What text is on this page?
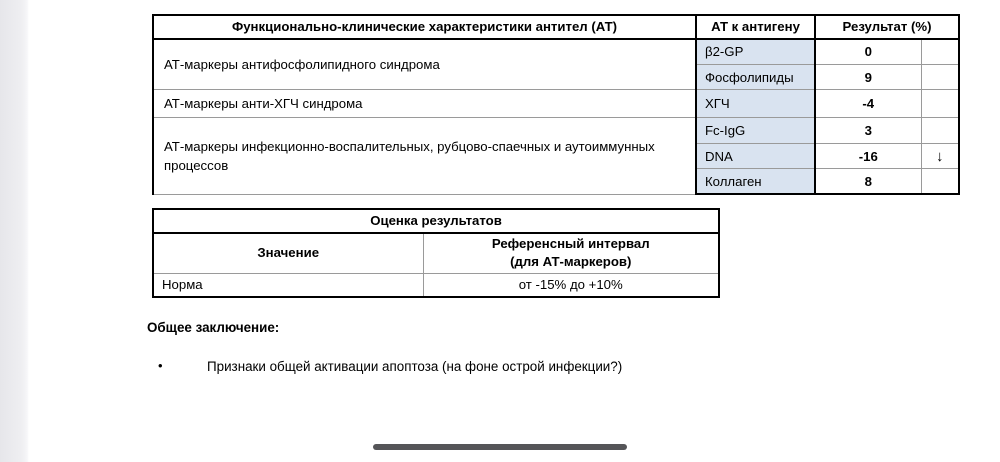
Функционально-клинические характеристики антител (АТ)	АТ к антигену	Результат (%)	
АТ-маркеры антифосфолипидного синдрома	β2-GP	0	
	Фосфолипиды	9	
АТ-маркеры анти-ХГЧ синдрома	ХГЧ	-4	
АТ-маркеры инфекционно-воспалительных, рубцово-спаечных и аутоиммунных процессов	Fc-IgG	3	
	DNA	-16	↓
	Коллаген	8	
Оценка результатов	
Значение	Референсный интервал
(для АТ-маркеров)

Норма	от -15% до +10%
Общее заключение:
•	Признаки общей активации апоптоза (на фоне острой инфекции?)
